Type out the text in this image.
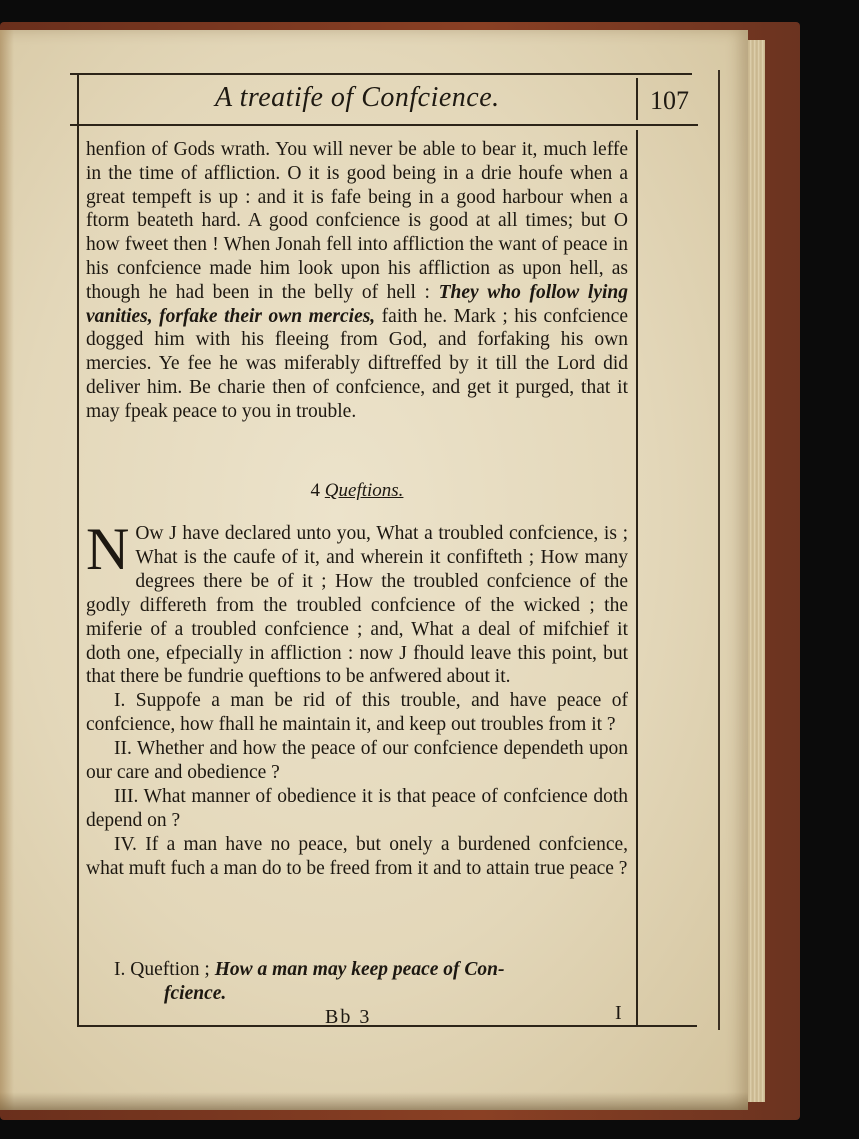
A treatife of Confcience.	107

henfion of Gods wrath. You will never be able to bear it, much leffe in the time of affliction. O it is good being in a drie houfe when a great tempeft is up : and it is fafe being in a good harbour when a ftorm beateth hard. A good confcience is good at all times; but O how fweet then ! When Jonah fell into affliction the want of peace in his confcience made him look upon his affliction as upon hell, as though he had been in the belly of hell : They who follow lying vanities, forfake their own mercies, faith he. Mark ; his confcience dogged him with his fleeing from God, and forfaking his own mercies. Ye fee he was miferably diftreffed by it till the Lord did deliver him. Be charie then of confcience, and get it purged, that it may fpeak peace to you in trouble.

4 Queftions.

N Ow J have declared unto you, What a troubled confcience, is ; What is the caufe of it, and wherein it confifteth ; How many degrees there be of it ; How the troubled confcience of the godly differeth from the troubled confcience of the wicked ; the miferie of a troubled confcience ; and, What a deal of mifchief it doth one, efpecially in affliction : now J fhould leave this point, but that there be fundrie queftions to be anfwered about it.

I. Suppofe a man be rid of this trouble, and have peace of confcience, how fhall he maintain it, and keep out troubles from it ?

II. Whether and how the peace of our confcience dependeth upon our care and obedience ?

III. What manner of obedience it is that peace of confcience doth depend on ?

IV. If a man have no peace, but onely a burdened confcience, what muft fuch a man do to be freed from it and to attain true peace ?

I. Queftion ; How a man may keep peace of Con-
fcience.
Bb 3	I
